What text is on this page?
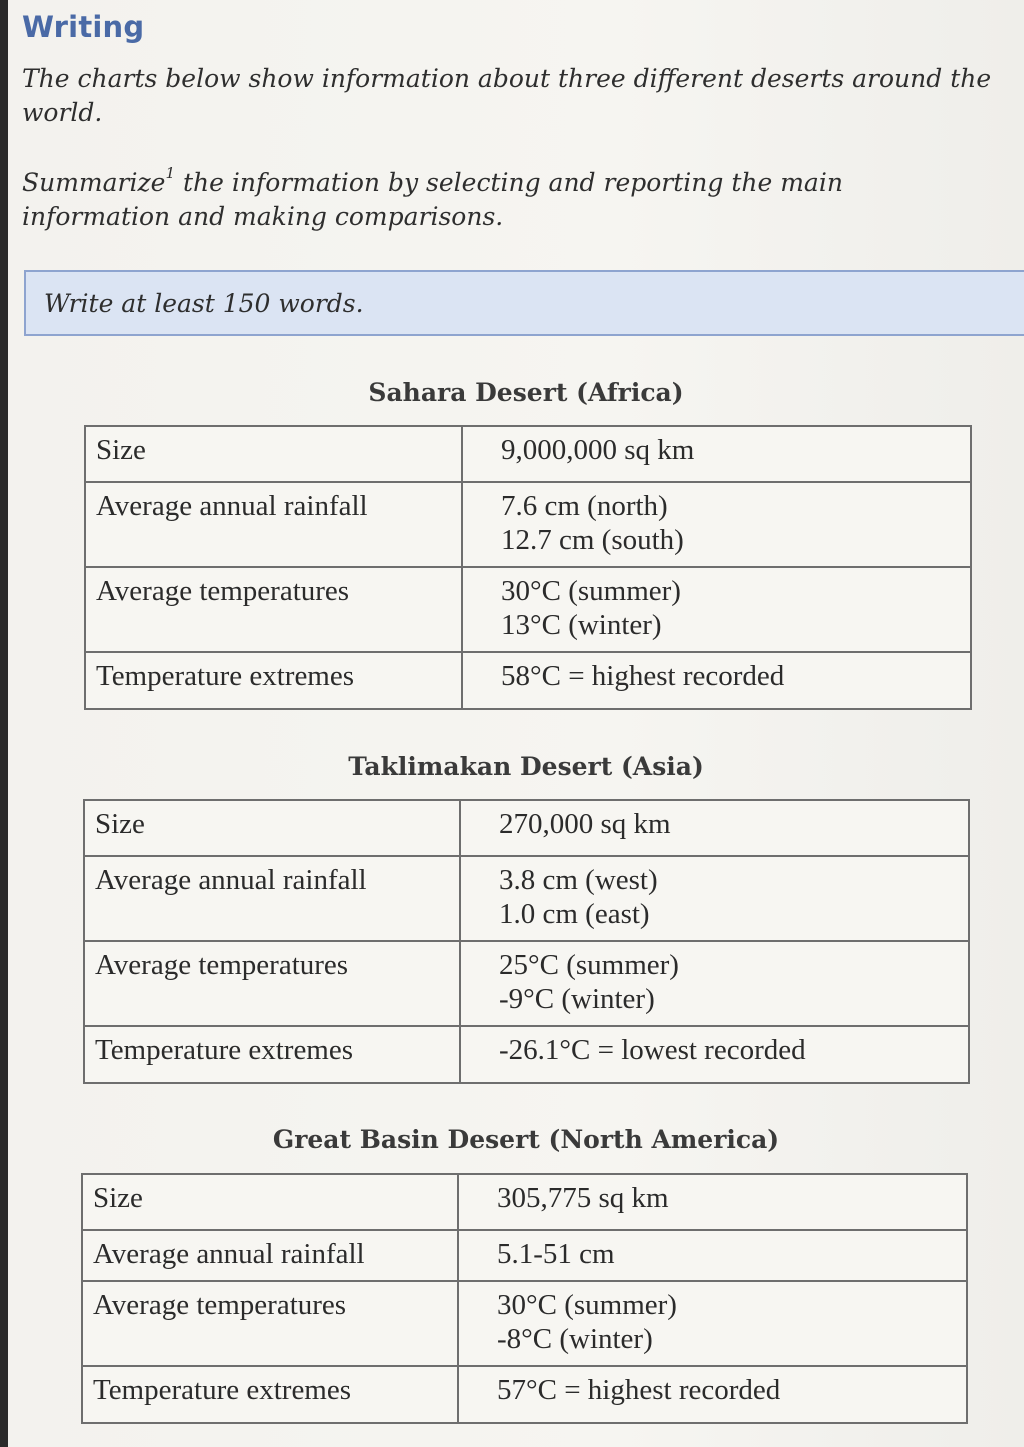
Writing

The charts below show information about three different deserts around the world.

Summarize$^1$ the information by selecting and reporting the main information and making comparisons.

Write at least 150 words.
Sahara Desert (Africa)
Size	9,000,000 sq km

Average annual rainfall	7.6 cm (north)
12.7 cm (south)

Average temperatures	30°C (summer)
13°C (winter)

Temperature extremes	58°C = highest recorded
Taklimakan Desert (Asia)
Size	270,000 sq km

Average annual rainfall	3.8 cm (west)
1.0 cm (east)

Average temperatures	25°C (summer)
-9°C (winter)

Temperature extremes	-26.1°C = lowest recorded
Great Basin Desert (North America)
Size	305,775 sq km

Average annual rainfall	5.1-51 cm

Average temperatures	30°C (summer)
-8°C (winter)

Temperature extremes	57°C = highest recorded
